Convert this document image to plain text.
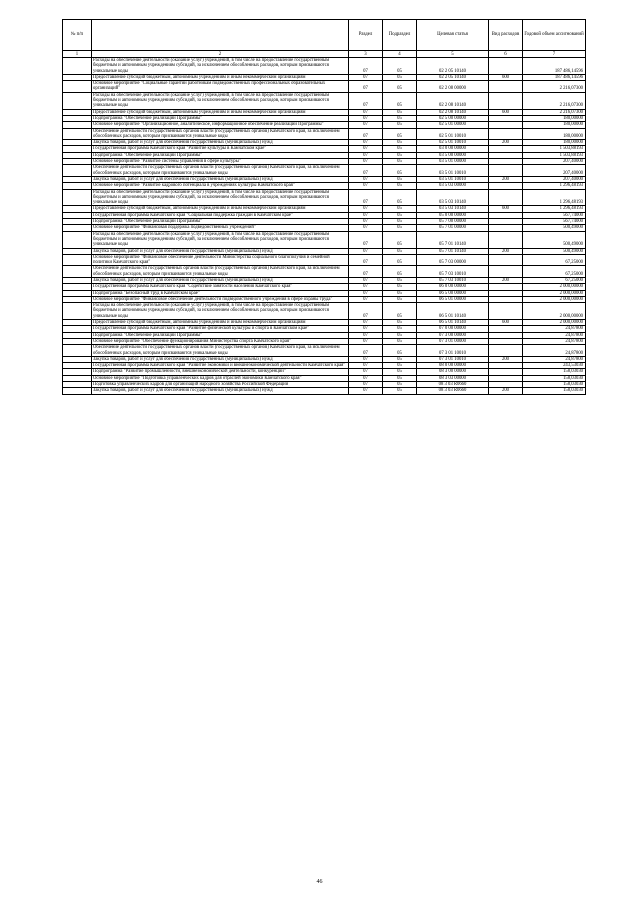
№ п/п		Раздел	Подраздел	Целевая статья	Вид расходов	Годовой объем ассигнований
1	2	3	4	5	6	7
	Расходы на обеспечение деятельности (оказание услуг) учреждений, в том числе на предоставление государственным бюджетным и автономным учреждениям субсидий, за исключением обособленных расходов, которым присваиваются уникальные коды	07	05	02 2 05 10140		187 486,14596
	Предоставление субсидий бюджетным, автономным учреждениям и иным некоммерческим организациям	07	05	02 2 05 10140	600	187 486,14596
	Основное мероприятие "Социальные гарантии работникам подведомственных профессиональных образовательных организаций"	07	05	02 2 08 00000		2 216,07300
	Расходы на обеспечение деятельности (оказание услуг) учреждений, в том числе на предоставление государственным бюджетным и автономным учреждениям субсидий, за исключением обособленных расходов, которым присваиваются уникальные коды	07	05	02 2 08 10140		2 216,07300
	Предоставление субсидий бюджетным, автономным учреждениям и иным некоммерческим организациям	07	05	02 2 08 10140	600	2 216,07300
	Подпрограмма "Обеспечение реализации Программы"	07	05	02 5 00 00000		180,00000
	Основное мероприятие "Организационное, аналитическое, информационное обеспечение реализации Программы"	07	05	02 5 01 00000		180,00000
	Обеспечение деятельности государственных органов власти (государственных органов) Камчатского края, за исключением обособленных расходов, которым присваиваются уникальные коды	07	05	02 5 01 10010		180,00000
	Закупка товаров, работ и услуг для обеспечения государственных (муниципальных) нужд	07	05	02 5 01 10010	200	180,00000
	Государственная программа Камчатского края "Развитие культуры в Камчатском крае"	07	05	03 0 00 00000		1 503,88193
	Подпрограмма "Обеспечение реализации Программы"	07	05	03 5 00 00000		1 503,88193
	Основное мероприятие "Развитие системы управления в сфере культуры"	07	05	03 5 01 00000		207,40000
	Обеспечение деятельности государственных органов власти (государственных органов) Камчатского края, за исключением обособленных расходов, которым присваиваются уникальные коды	07	05	03 5 01 10010		207,40000
	Закупка товаров, работ и услуг для обеспечения государственных (муниципальных) нужд	07	05	03 5 01 10010	200	207,40000
	Основное мероприятие "Развитие кадрового потенциала в учреждениях культуры Камчатского края"	07	05	03 5 03 00000		1 296,48193
	Расходы на обеспечение деятельности (оказание услуг) учреждений, в том числе на предоставление государственным бюджетным и автономным учреждениям субсидий, за исключением обособленных расходов, которым присваиваются уникальные коды	07	05	03 5 03 10140		1 296,48193
	Предоставление субсидий бюджетным, автономным учреждениям и иным некоммерческим организациям	07	05	03 5 03 10140	600	1 296,48193
	Государственная программа Камчатского края "Социальная поддержка граждан в Камчатском крае"	07	05	05 0 00 00000		567,74000
	Подпрограмма "Обеспечение реализации Программы"	07	05	05 7 00 00000		567,74000
	Основное мероприятие "Финансовая поддержка подведомственных учреждений"	07	05	05 7 01 00000		500,49000
	Расходы на обеспечение деятельности (оказание услуг) учреждений, в том числе на предоставление государственным бюджетным и автономным учреждениям субсидий, за исключением обособленных расходов, которым присваиваются уникальные коды	07	05	05 7 01 10140		500,49000
	Закупка товаров, работ и услуг для обеспечения государственных (муниципальных) нужд	07	05	05 7 01 10140	200	500,49000
	Основное мероприятие "Финансовое обеспечение деятельности Министерства социального благополучия и семейной политики Камчатского края"	07	05	05 7 03 00000		67,25000
	Обеспечение деятельности государственных органов власти (государственных органов) Камчатского края, за исключением обособленных расходов, которым присваиваются уникальные коды	07	05	05 7 03 10010		67,25000
	Закупка товаров, работ и услуг для обеспечения государственных (муниципальных) нужд	07	05	05 7 03 10010	200	67,25000
	Государственная программа Камчатского края "Содействие занятости населения Камчатского края"	07	05	06 0 00 00000		2 000,00000
	Подпрограмма "Безопасный труд в Камчатском крае"	07	05	06 5 00 00000		2 000,00000
	Основное мероприятие "Финансовое обеспечение деятельности подведомственного учреждения в сфере охраны труда"	07	05	06 5 01 00000		2 000,00000
	Расходы на обеспечение деятельности (оказание услуг) учреждений, в том числе на предоставление государственным бюджетным и автономным учреждениям субсидий, за исключением обособленных расходов, которым присваиваются уникальные коды	07	05	06 5 01 10140		2 000,00000
	Предоставление субсидий бюджетным, автономным учреждениям и иным некоммерческим организациям	07	05	06 5 01 10140	600	2 000,00000
	Государственная программа Камчатского края "Развитие физической культуры и спорта в Камчатском крае"	07	05	07 0 00 00000		24,87800
	Подпрограмма "Обеспечение реализации Программы"	07	05	07 3 00 00000		24,87800
	Основное мероприятие "Обеспечение функционирования Министерства спорта Камчатского края"	07	05	07 3 01 00000		24,87800
	Обеспечение деятельности государственных органов власти (государственных органов) Камчатского края, за исключением обособленных расходов, которым присваиваются уникальные коды	07	05	07 3 01 10010		24,87800
	Закупка товаров, работ и услуг для обеспечения государственных (муниципальных) нужд	07	05	07 3 01 10010	200	24,87800
	Государственная программа Камчатского края "Развитие экономики и внешнеэкономической деятельности Камчатского края"	07	05	08 0 00 00000		243,53030
	Подпрограмма "Развитие промышленности, внешнеэкономической деятельности, конкуренции"	07	05	08 3 00 00000		158,03030
	Основное мероприятие "Подготовка управленческих кадров для отраслей экономики Камчатского края"	07	05	08 3 03 00000		158,03030
	Подготовка управленческих кадров для организаций народного хозяйства Российской Федерации	07	05	08 3 03 R0660		158,03030
	Закупка товаров, работ и услуг для обеспечения государственных (муниципальных) нужд	07	05	08 3 03 R0660	200	158,03030
46
